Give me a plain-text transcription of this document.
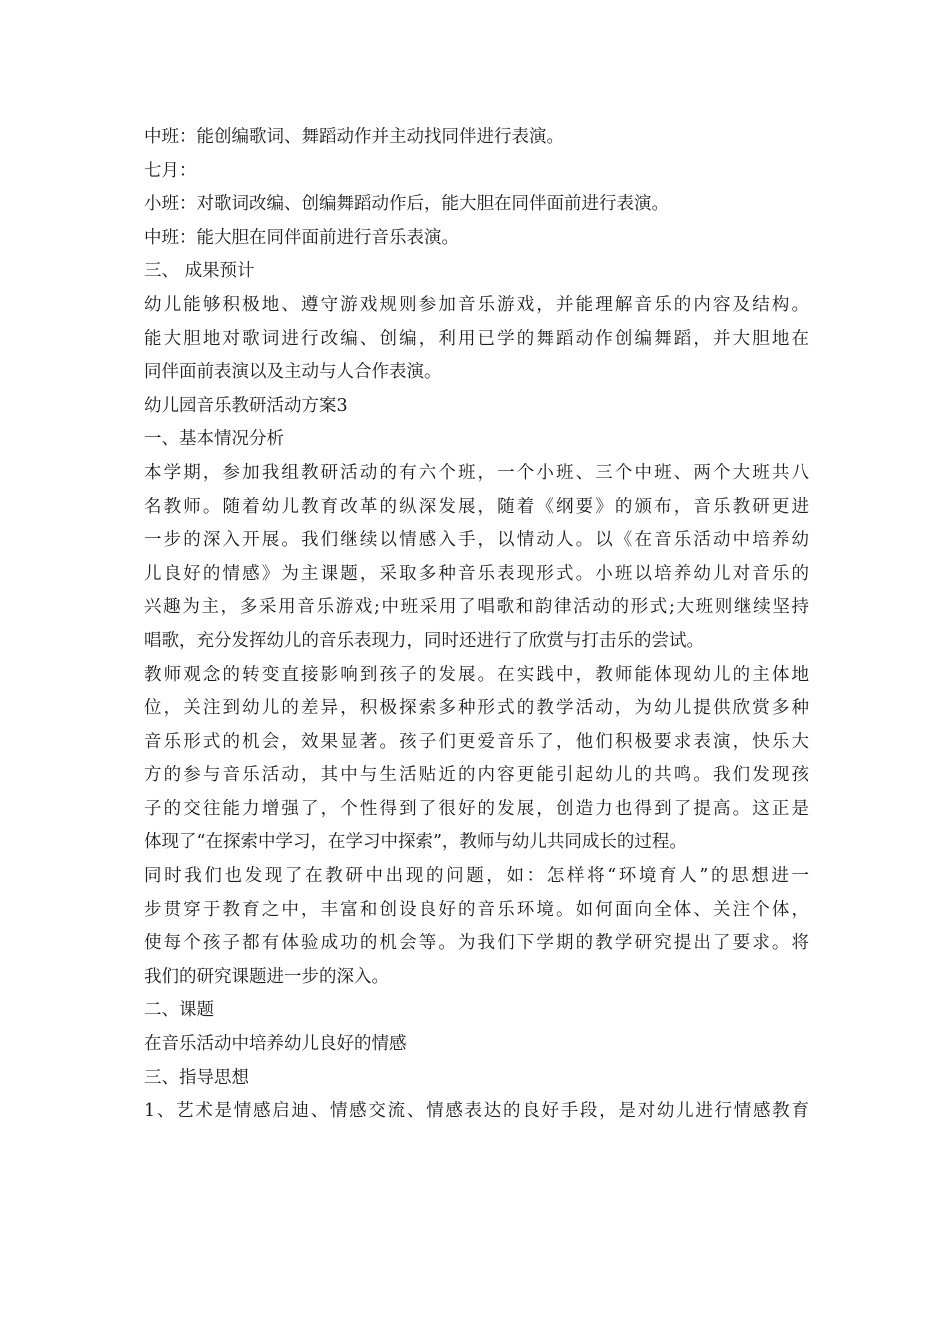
中班：能创编歌词、舞蹈动作并主动找同伴进行表演。
七月：
小班：对歌词改编、创编舞蹈动作后，能大胆在同伴面前进行表演。
中班：能大胆在同伴面前进行音乐表演。
三、 成果预计
幼儿能够积极地、遵守游戏规则参加音乐游戏，并能理解音乐的内容及结构。
能大胆地对歌词进行改编、创编，利用已学的舞蹈动作创编舞蹈，并大胆地在
同伴面前表演以及主动与人合作表演。
幼儿园音乐教研活动方案3
一、基本情况分析
本学期，参加我组教研活动的有六个班，一个小班、三个中班、两个大班共八
名教师。随着幼儿教育改革的纵深发展，随着《纲要》的颁布，音乐教研更进
一步的深入开展。我们继续以情感入手，以情动人。以《在音乐活动中培养幼
儿良好的情感》为主课题，采取多种音乐表现形式。小班以培养幼儿对音乐的
兴趣为主，多采用音乐游戏;中班采用了唱歌和韵律活动的形式;大班则继续坚持
唱歌，充分发挥幼儿的音乐表现力，同时还进行了欣赏与打击乐的尝试。
教师观念的转变直接影响到孩子的发展。在实践中，教师能体现幼儿的主体地
位，关注到幼儿的差异，积极探索多种形式的教学活动，为幼儿提供欣赏多种
音乐形式的机会，效果显著。孩子们更爱音乐了，他们积极要求表演，快乐大
方的参与音乐活动，其中与生活贴近的内容更能引起幼儿的共鸣。我们发现孩
子的交往能力增强了，个性得到了很好的发展，创造力也得到了提高。这正是
体现了“在探索中学习，在学习中探索”，教师与幼儿共同成长的过程。
同时我们也发现了在教研中出现的问题，如：怎样将“环境育人”的思想进一
步贯穿于教育之中，丰富和创设良好的音乐环境。如何面向全体、关注个体，
使每个孩子都有体验成功的机会等。为我们下学期的教学研究提出了要求。将
我们的研究课题进一步的深入。
二、课题
在音乐活动中培养幼儿良好的情感
三、指导思想
1、艺术是情感启迪、情感交流、情感表达的良好手段，是对幼儿进行情感教育
